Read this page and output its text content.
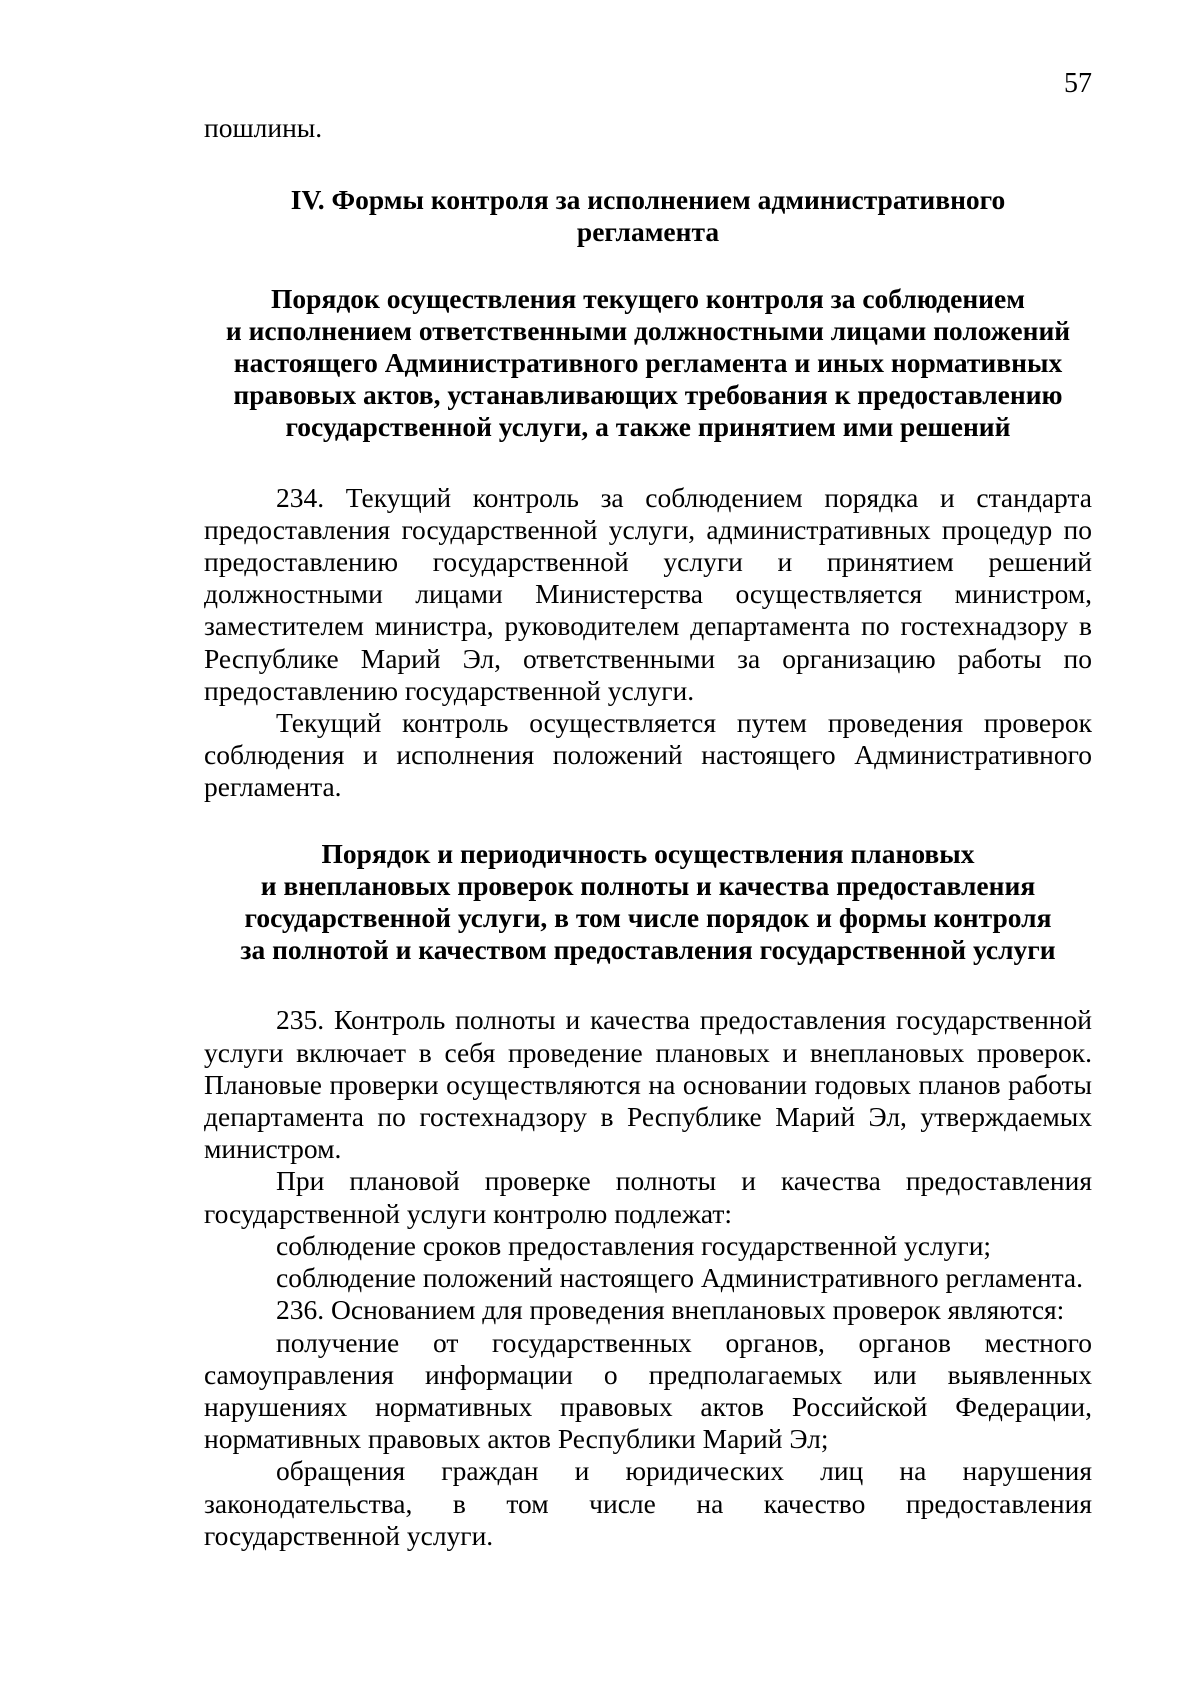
57

пошлины.

IV. Формы контроля за исполнением административного
регламента
Порядок осуществления текущего контроля за соблюдением
и исполнением ответственными должностными лицами положений
настоящего Административного регламента и иных нормативных
правовых актов, устанавливающих требования к предоставлению
государственной услуги, а также принятием ими решений

234. Текущий контроль за соблюдением порядка и стандарта предоставления государственной услуги, административных процедур по предоставлению государственной услуги и принятием решений должностными лицами Министерства осуществляется министром, заместителем министра, руководителем департамента по гостехнадзору в Республике Марий Эл, ответственными за организацию работы по предоставлению государственной услуги.

Текущий контроль осуществляется путем проведения проверок соблюдения и исполнения положений настоящего Административного регламента.

Порядок и периодичность осуществления плановых
и внеплановых проверок полноты и качества предоставления
государственной услуги, в том числе порядок и формы контроля
за полнотой и качеством предоставления государственной услуги

235. Контроль полноты и качества предоставления государственной услуги включает в себя проведение плановых и внеплановых проверок. Плановые проверки осуществляются на основании годовых планов работы департамента по гостехнадзору в Республике Марий Эл, утверждаемых министром.

При плановой проверке полноты и качества предоставления государственной услуги контролю подлежат:

соблюдение сроков предоставления государственной услуги;

соблюдение положений настоящего Административного регламента.

236. Основанием для проведения внеплановых проверок являются:

получение от государственных органов, органов местного самоуправления информации о предполагаемых или выявленных нарушениях нормативных правовых актов Российской Федерации, нормативных правовых актов Республики Марий Эл;

обращения граждан и юридических лиц на нарушения законодательства, в том числе на качество предоставления государственной услуги.
